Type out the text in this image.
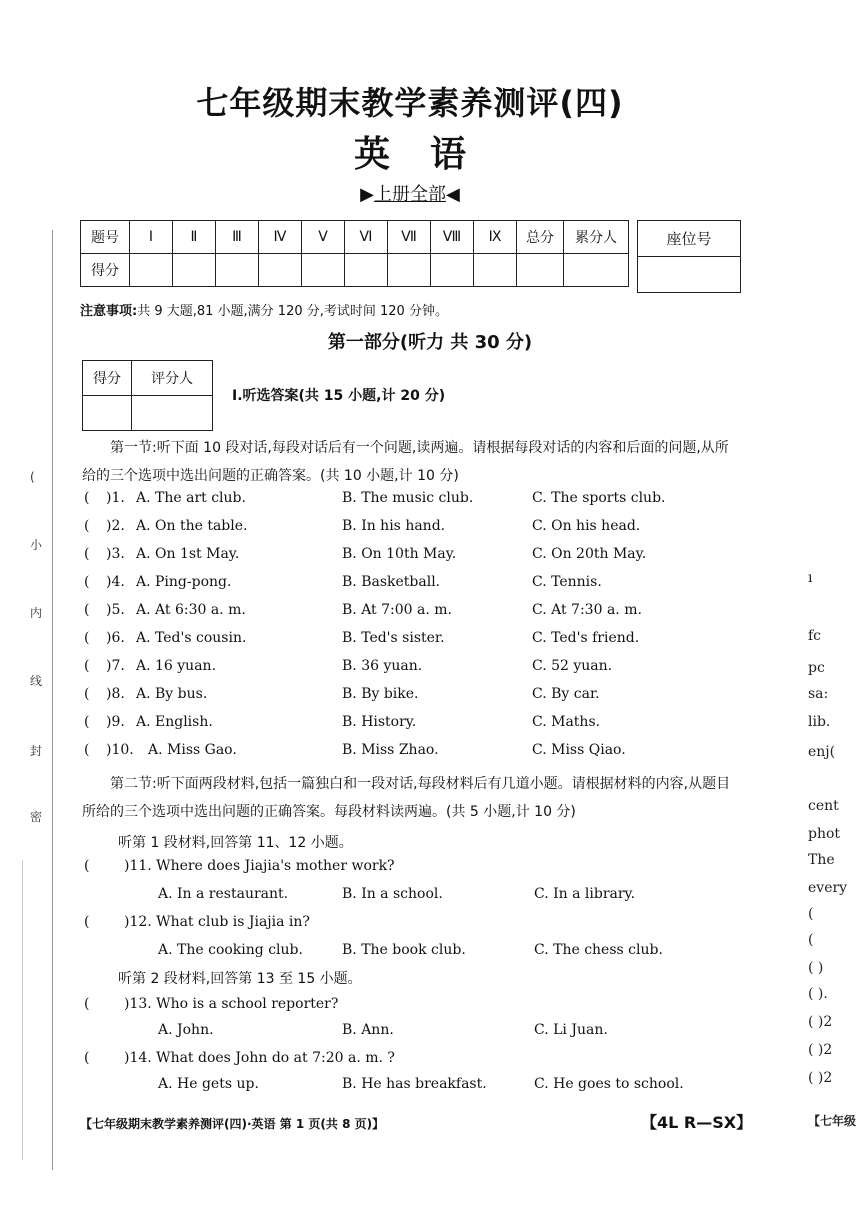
(
小
内
线
封
密
七年级期末教学素养测评(四)
英语
▶上册全部◀
题号	Ⅰ	Ⅱ	Ⅲ	Ⅳ	Ⅴ	Ⅵ	Ⅶ	Ⅷ	Ⅸ	总分	累分人
得分											
座位号

注意事项:共 9 大题,81 小题,满分 120 分,考试时间 120 分钟。
第一部分(听力 共 30 分)
得分	评分人

Ⅰ.听选答案(共 15 小题,计 20 分)
第一节:听下面 10 段对话,每段对话后有一个问题,读两遍。请根据每段对话的内容和后面的问题,从所给的三个选项中选出问题的正确答案。(共 10 小题,计 10 分)
( )1. A. The art club.	B. The music club.	C. The sports club.
( )2. A. On the table.	B. In his hand.	C. On his head.
( )3. A. On 1st May.	B. On 10th May.	C. On 20th May.
( )4. A. Ping-pong.	B. Basketball.	C. Tennis.
( )5. A. At 6:30 a. m.	B. At 7:00 a. m.	C. At 7:30 a. m.
( )6. A. Ted's cousin.	B. Ted's sister.	C. Ted's friend.
( )7. A. 16 yuan.	B. 36 yuan.	C. 52 yuan.
( )8. A. By bus.	B. By bike.	C. By car.
( )9. A. English.	B. History.	C. Maths.
( )10. A. Miss Gao.	B. Miss Zhao.	C. Miss Qiao.
第二节:听下面两段材料,包括一篇独白和一段对话,每段材料后有几道小题。请根据材料的内容,从题目所给的三个选项中选出问题的正确答案。每段材料读两遍。(共 5 小题,计 10 分)
听第 1 段材料,回答第 11、12 小题。
( )11. Where does Jiajia's mother work?
A. In a restaurant.	B. In a school.	C. In a library.
( )12. What club is Jiajia in?
A. The cooking club.	B. The book club.	C. The chess club.
听第 2 段材料,回答第 13 至 15 小题。
( )13. Who is a school reporter?
A. John.	B. Ann.	C. Li Juan.
( )14. What does John do at 7:20 a. m. ?
A. He gets up.	B. He has breakfast.	C. He goes to school.
【七年级期末教学素养测评(四)·英语 第 1 页(共 8 页)】	【4L R—SX】
ı
fc
pc
sa:
lib.
enj(
cent
phot
The
every
(
(
( )
( ).
( )2
( )2
( )2
【七年级
